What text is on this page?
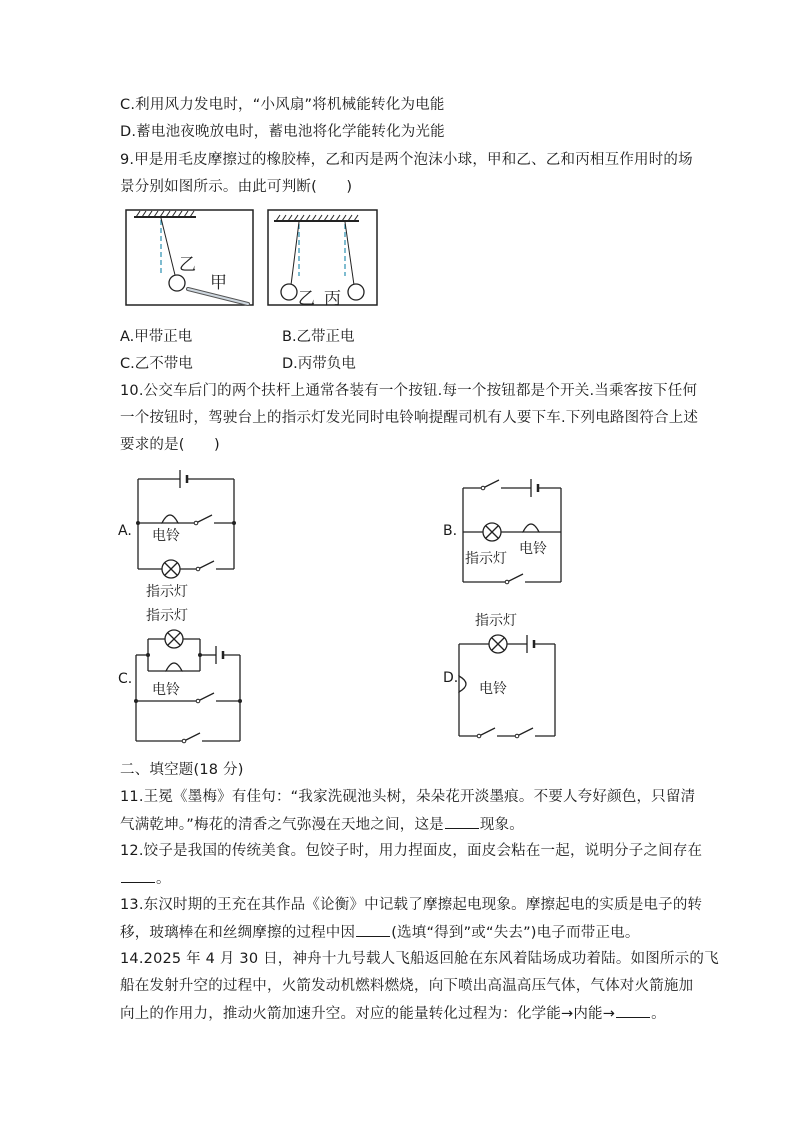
C.利用风力发电时，“小风扇”将机械能转化为电能
D.蓄电池夜晚放电时，蓄电池将化学能转化为光能
9.甲是用毛皮摩擦过的橡胶棒，乙和丙是两个泡沫小球，甲和乙、乙和丙相互作用时的场
景分别如图所示。由此可判断(　　)
乙
甲
乙 丙
A.甲带正电	B.乙带正电
C.乙不带电	D.丙带负电
10.公交车后门的两个扶杆上通常各装有一个按钮.每一个按钮都是个开关.当乘客按下任何
一个按钮时，驾驶台上的指示灯发光同时电铃响提醒司机有人要下车.下列电路图符合上述
要求的是(　　)
A. 电铃
指示灯
B.
指示灯
电铃
指示灯
C.
电铃
指示灯
D.
电铃
二、填空题(18 分)
11.王冕《墨梅》有佳句：“我家洗砚池头树，朵朵花开淡墨痕。不要人夸好颜色，只留清
气满乾坤。”梅花的清香之气弥漫在天地之间，这是 现象。
12.饺子是我国的传统美食。包饺子时，用力捏面皮，面皮会粘在一起，说明分子之间存在
。
13.东汉时期的王充在其作品《论衡》中记载了摩擦起电现象。摩擦起电的实质是电子的转
移，玻璃棒在和丝绸摩擦的过程中因 (选填“得到”或“失去”)电子而带正电。
14.2025 年 4 月 30 日，神舟十九号载人飞船返回舱在东风着陆场成功着陆。如图所示的飞
船在发射升空的过程中，火箭发动机燃料燃烧，向下喷出高温高压气体，气体对火箭施加
向上的作用力，推动火箭加速升空。对应的能量转化过程为：化学能→内能→ 。
